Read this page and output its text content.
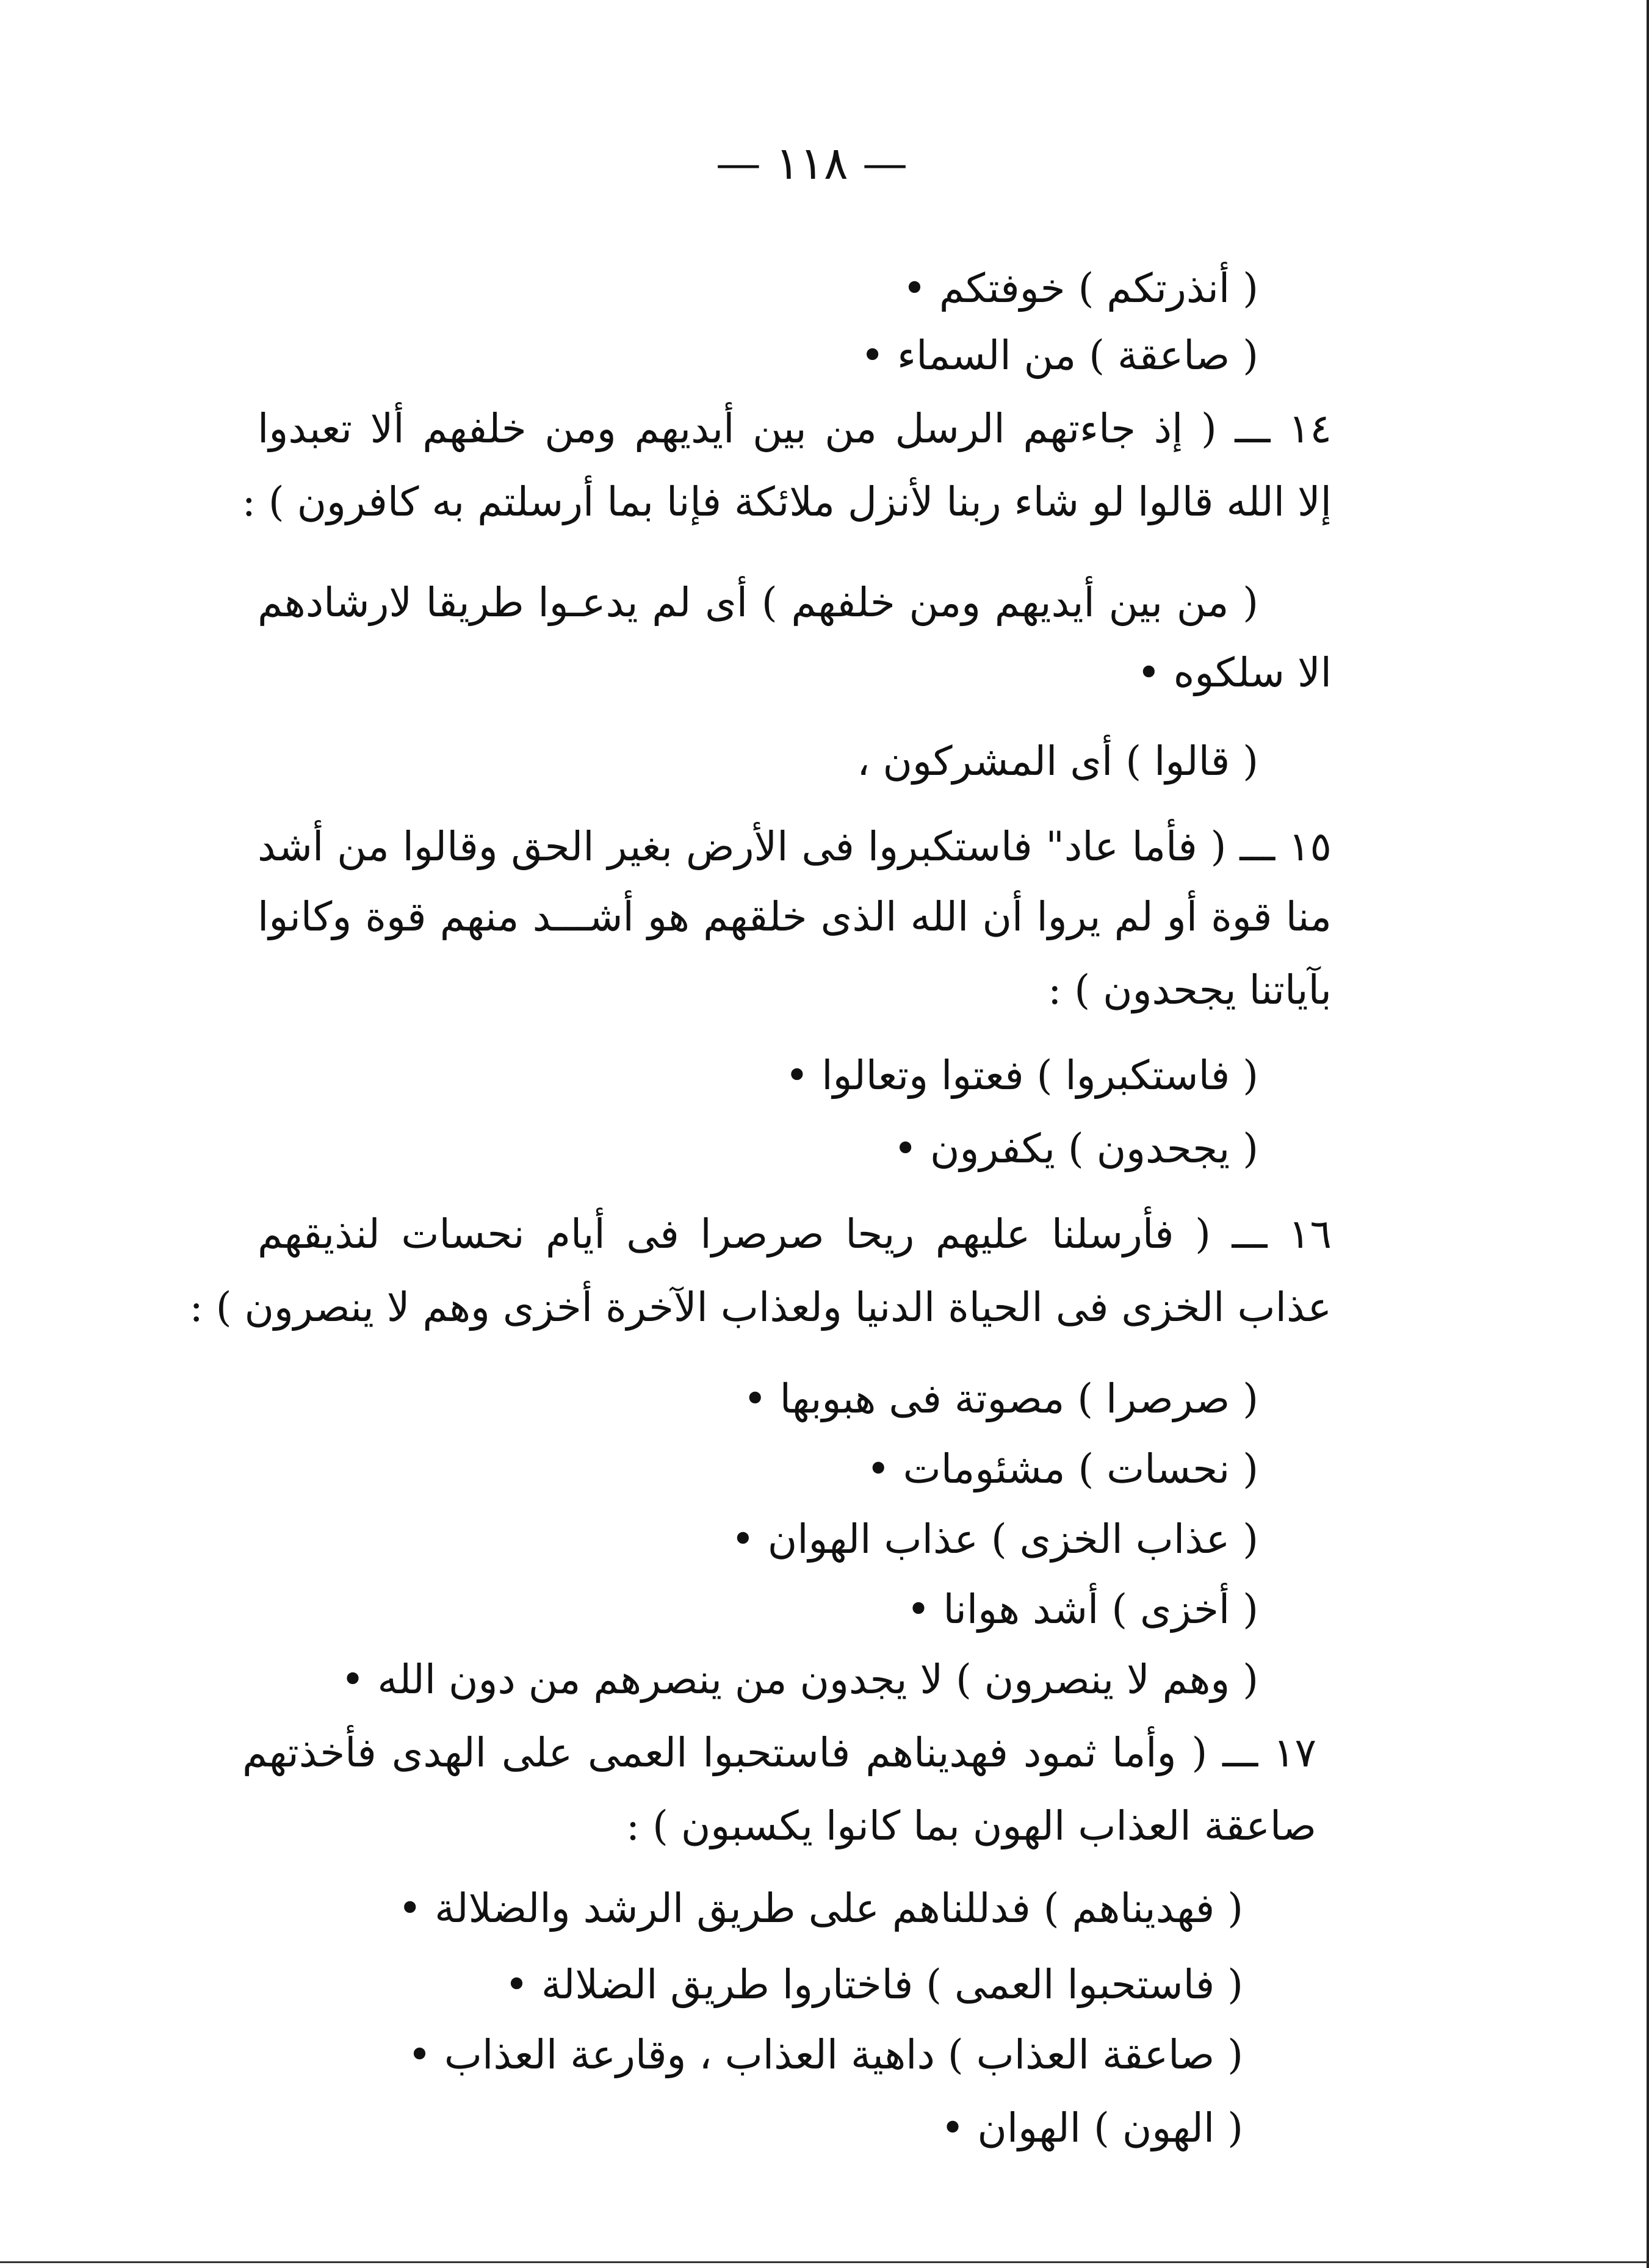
— ١١٨ —
( أنذرتكم ) خوفتكم •
( صاعقة ) من السماء •
١٤ ـــ ( إذ جاءتهم الرسل من بين أيديهم ومن خلفهم ألا تعبدوا
إلا الله قالوا لو شاء ربنا لأنزل ملائكة فإنا بما أرسلتم به كافرون ) :
( من بين أيديهم ومن خلفهم ) أى لم يدعـوا طريقا لارشادهم
الا سلكوه •
( قالوا ) أى المشركون ،
١٥ ـــ ( فأما عاد" فاستكبروا فى الأرض بغير الحق وقالوا من أشد
منا قوة أو لم يروا أن الله الذى خلقهم هو أشـــد منهم قوة وكانوا
بآياتنا يجحدون ) :
( فاستكبروا ) فعتوا وتعالوا •
( يجحدون ) يكفرون •
١٦ ـــ ( فأرسلنا عليهم ريحا صرصرا فى أيام نحسات لنذيقهم
عذاب الخزى فى الحياة الدنيا ولعذاب الآخرة أخزى وهم لا ينصرون ) :
( صرصرا ) مصوتة فى هبوبها •
( نحسات ) مشئومات •
( عذاب الخزى ) عذاب الهوان •
( أخزى ) أشد هوانا •
( وهم لا ينصرون ) لا يجدون من ينصرهم من دون الله •
١٧ ـــ ( وأما ثمود فهديناهم فاستحبوا العمى على الهدى فأخذتهم
صاعقة العذاب الهون بما كانوا يكسبون ) :
( فهديناهم ) فدللناهم على طريق الرشد والضلالة •
( فاستحبوا العمى ) فاختاروا طريق الضلالة •
( صاعقة العذاب ) داهية العذاب ، وقارعة العذاب •
( الهون ) الهوان •
